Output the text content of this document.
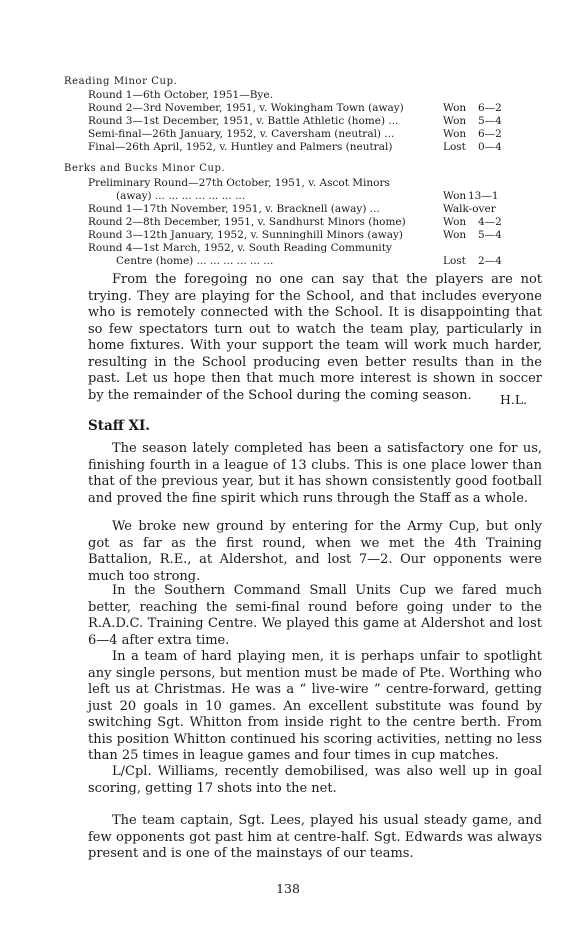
Reading Minor Cup.
Round 1—6th October, 1951—Bye.
Round 2—3rd November, 1951, v. Wokingham Town (away)	Won 6—2
Round 3—1st December, 1951, v. Battle Athletic (home) ...	Won 5—4
Semi-final—26th January, 1952, v. Caversham (neutral) ...	Won 6—2
Final—26th April, 1952, v. Huntley and Palmers (neutral)	Lost 0—4
Berks and Bucks Minor Cup.
Preliminary Round—27th October, 1951, v. Ascot Minors
(away) ... ... ... ... ... ... ...	Won 13—1
Round 1—17th November, 1951, v. Bracknell (away) ...	Walk-over
Round 2—8th December, 1951, v. Sandhurst Minors (home)	Won 4—2
Round 3—12th January, 1952, v. Sunninghill Minors (away)	Won 5—4
Round 4—1st March, 1952, v. South Reading Community
Centre (home) ... ... ... ... ... ...	Lost 2—4

From the foregoing no one can say that the players are not trying. They are playing for the School, and that includes everyone who is remotely connected with the School. It is disappointing that so few spectators turn out to watch the team play, particularly in home fixtures. With your support the team will work much harder, resulting in the School producing even better results than in the past. Let us hope then that much more interest is shown in soccer by the remainder of the School during the coming season.	H.L.
Staff XI.

The season lately completed has been a satisfactory one for us, finishing fourth in a league of 13 clubs. This is one place lower than that of the previous year, but it has shown consistently good football and proved the fine spirit which runs through the Staff as a whole.

We broke new ground by entering for the Army Cup, but only got as far as the first round, when we met the 4th Training Battalion, R.E., at Aldershot, and lost 7—2. Our opponents were much too strong.

In the Southern Command Small Units Cup we fared much better, reaching the semi-final round before going under to the R.A.D.C. Training Centre. We played this game at Aldershot and lost 6—4 after extra time.

In a team of hard playing men, it is perhaps unfair to spotlight any single persons, but mention must be made of Pte. Worthing who left us at Christmas. He was a “ live-wire ” centre-forward, getting just 20 goals in 10 games. An excellent substitute was found by switching Sgt. Whitton from inside right to the centre berth. From this position Whitton continued his scoring activities, netting no less than 25 times in league games and four times in cup matches.

L/Cpl. Williams, recently demobilised, was also well up in goal scoring, getting 17 shots into the net.

The team captain, Sgt. Lees, played his usual steady game, and few opponents got past him at centre-half. Sgt. Edwards was always present and is one of the mainstays of our teams.

138
